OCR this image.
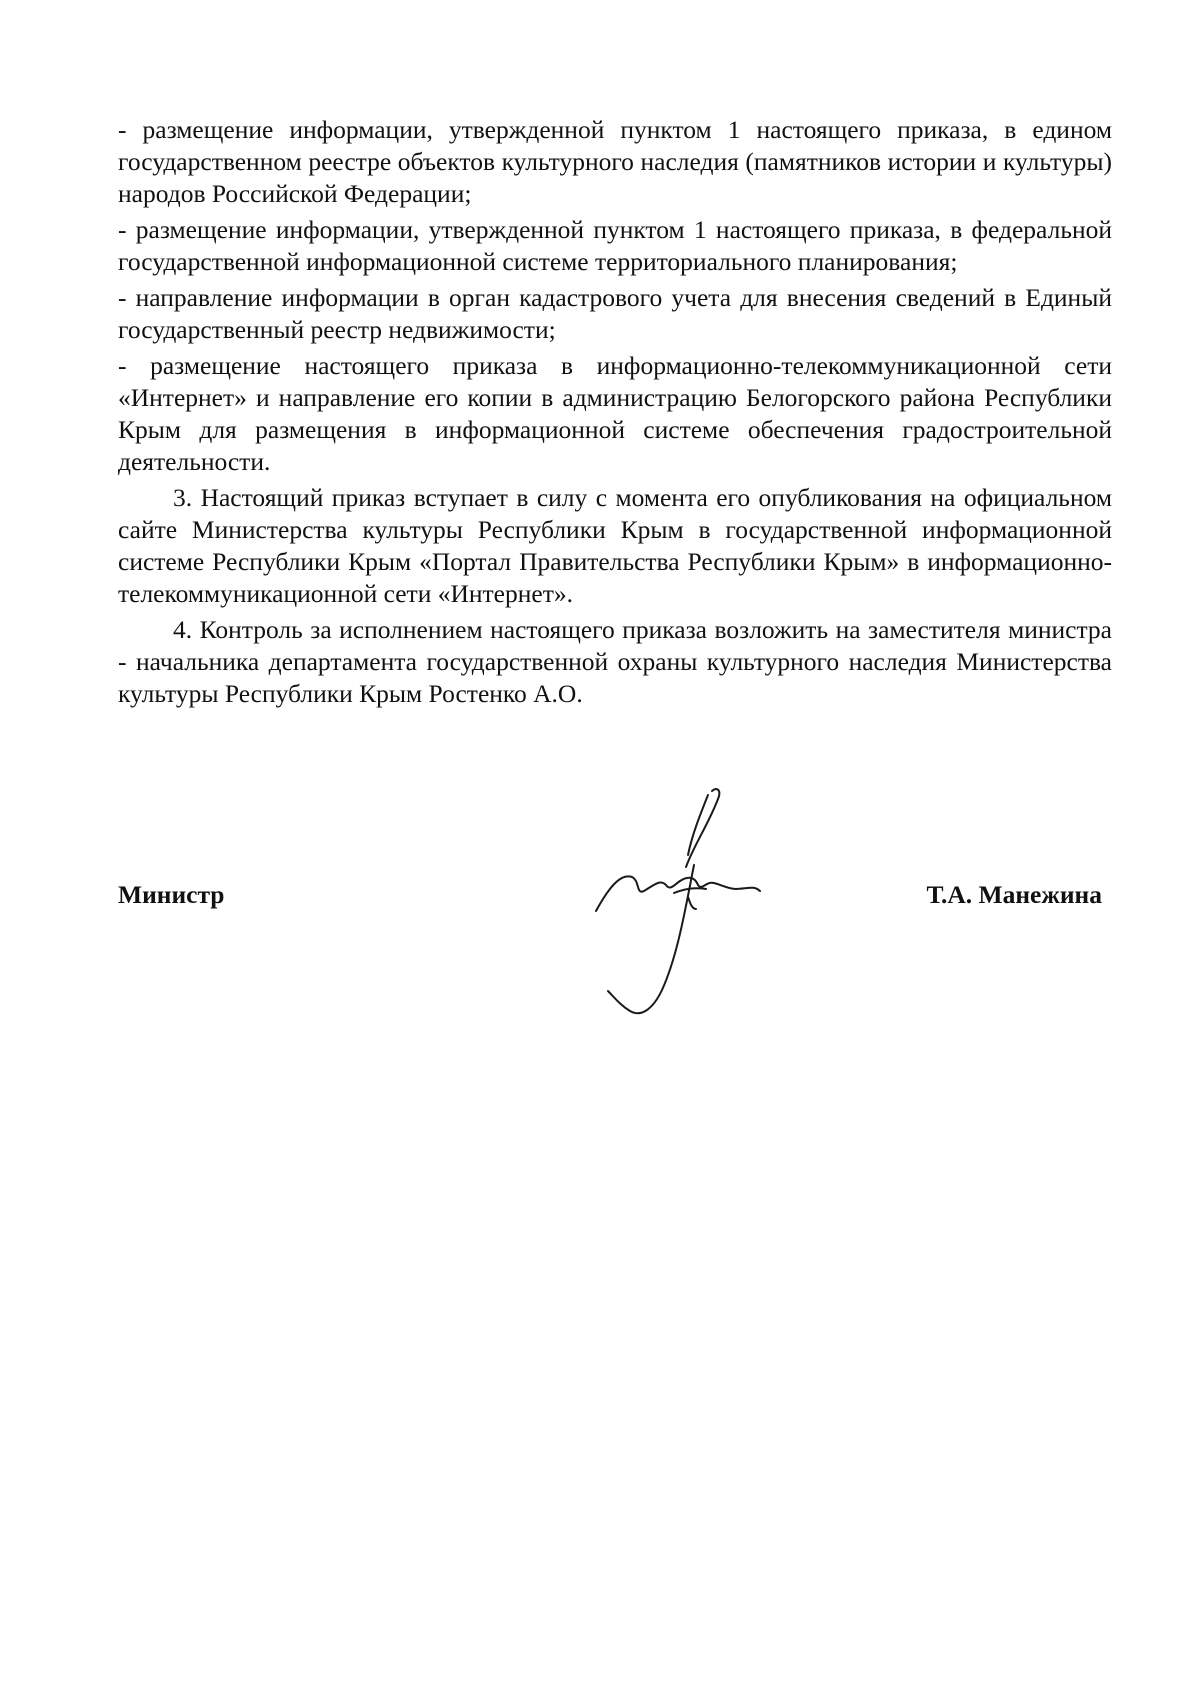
- размещение информации, утвержденной пунктом 1 настоящего приказа, в едином государственном реестре объектов культурного наследия (памятников истории и культуры) народов Российской Федерации;

- размещение информации, утвержденной пунктом 1 настоящего приказа, в федеральной государственной информационной системе территориального планирования;

- направление информации в орган кадастрового учета для внесения сведений в Единый государственный реестр недвижимости;

- размещение настоящего приказа в информационно-телекоммуникационной сети «Интернет» и направление его копии в администрацию Белогорского района Республики Крым для размещения в информационной системе обеспечения градостроительной деятельности.

3. Настоящий приказ вступает в силу с момента его опубликования на официальном сайте Министерства культуры Республики Крым в государственной информационной системе Республики Крым «Портал Правительства Республики Крым» в информационно-телекоммуникационной сети «Интернет».

4. Контроль за исполнением настоящего приказа возложить на заместителя министра - начальника департамента государственной охраны культурного наследия Министерства культуры Республики Крым Ростенко А.О.

Министр	Т.А. Манежина
